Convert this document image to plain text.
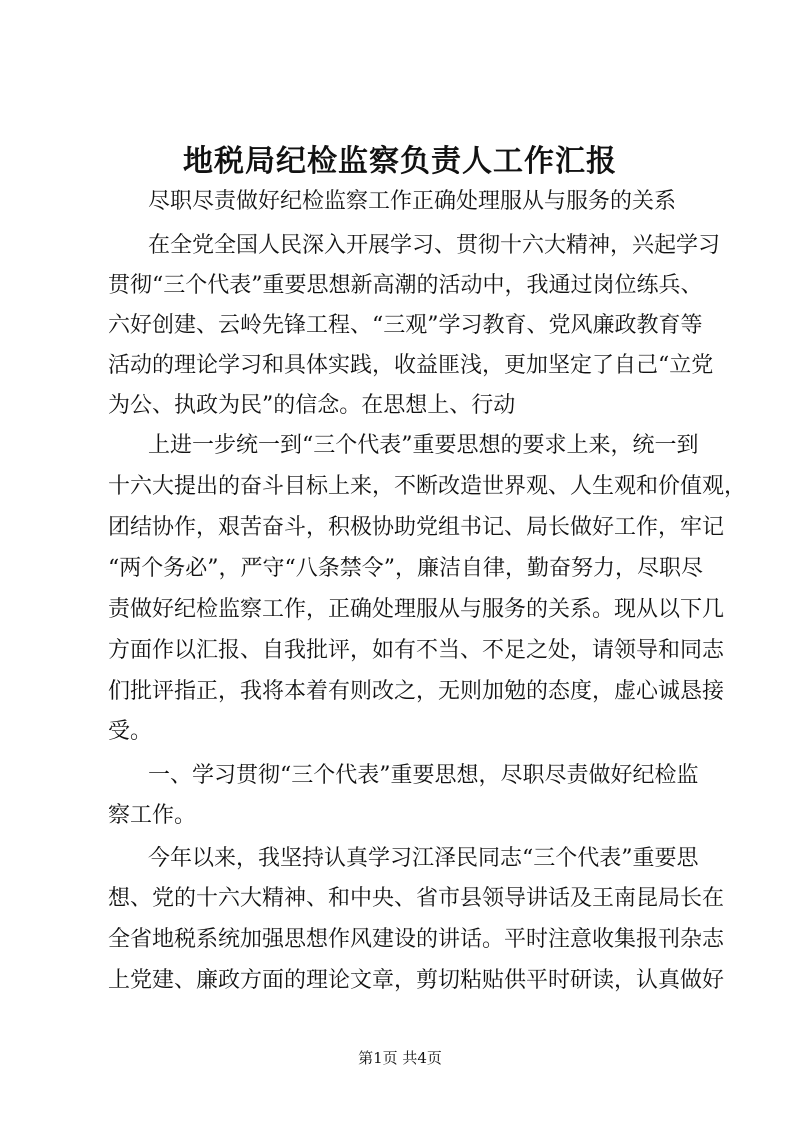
地税局纪检监察负责人工作汇报
尽职尽责做好纪检监察工作正确处理服从与服务的关系
在全党全国人民深入开展学习、贯彻十六大精神，兴起学习
贯彻“三个代表”重要思想新高潮的活动中，我通过岗位练兵、
六好创建、云岭先锋工程、“三观”学习教育、党风廉政教育等
活动的理论学习和具体实践，收益匪浅，更加坚定了自己“立党
为公、执政为民”的信念。在思想上、行动
上进一步统一到“三个代表”重要思想的要求上来，统一到
十六大提出的奋斗目标上来，不断改造世界观、人生观和价值观，
团结协作，艰苦奋斗，积极协助党组书记、局长做好工作，牢记
“两个务必”，严守“八条禁令”，廉洁自律，勤奋努力，尽职尽
责做好纪检监察工作，正确处理服从与服务的关系。现从以下几
方面作以汇报、自我批评，如有不当、不足之处，请领导和同志
们批评指正，我将本着有则改之，无则加勉的态度，虚心诚恳接
受。
一、学习贯彻“三个代表”重要思想，尽职尽责做好纪检监
察工作。
今年以来，我坚持认真学习江泽民同志“三个代表”重要思
想、党的十六大精神、和中央、省市县领导讲话及王南昆局长在
全省地税系统加强思想作风建设的讲话。平时注意收集报刊杂志
上党建、廉政方面的理论文章，剪切粘贴供平时研读，认真做好
第1页 共4页
